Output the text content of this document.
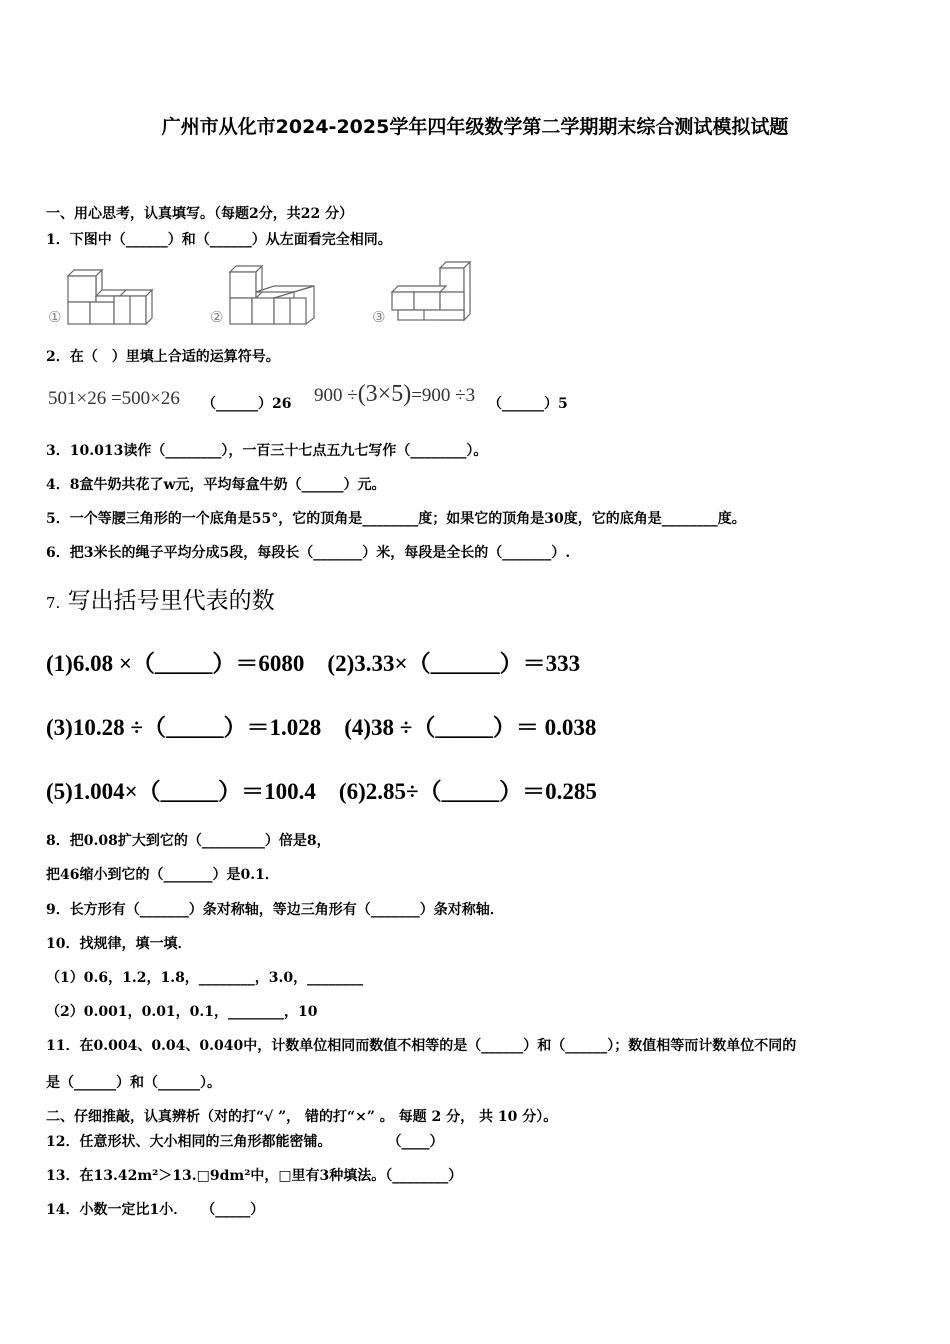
广州市从化市2024-2025学年四年级数学第二学期期末综合测试模拟试题
一、用心思考，认真填写。（每题2分，共22 分）
1．下图中（______）和（______）从左面看完全相同。
①	②	③
2．在（　）里填上合适的运算符号。
501×26 =500×26 （______）26 900 ÷(3×5)=900 ÷3 （______）5
3．10.013读作（________），一百三十七点五九七写作（________）。
4．8盒牛奶共花了w元，平均每盒牛奶（______）元。
5．一个等腰三角形的一个底角是55°，它的顶角是________度；如果它的顶角是30度，它的底角是________度。
6．把3米长的绳子平均分成5段，每段长（_______）米，每段是全长的（_______）.
7. 写出括号里代表的数
(1)6.08 ×（_____）＝6080　(2)3.33×（______）＝333
(3)10.28 ÷（_____）＝1.028　(4)38 ÷（_____）＝ 0.038
(5)1.004×（_____）＝100.4　(6)2.85÷（_____）＝0.285
8．把0.08扩大到它的（_________）倍是8，
把46缩小到它的（_______）是0.1．
9．长方形有（_______）条对称轴，等边三角形有（_______）条对称轴．
10．找规律，填一填．
（1）0.6，1.2，1.8，________，3.0，________
（2）0.001，0.01，0.1，________，10
11．在0.004、0.04、0.040中，计数单位相同而数值不相等的是（______）和（______）；数值相等而计数单位不同的
是（______）和（______）。
二、仔细推敲，认真辨析（对的打“√ ”， 错的打“×” 。 每题 2 分， 共 10 分）。
12．任意形状、大小相同的三角形都能密铺。　　　　　（____）
13．在13.42m²＞13.□9dm²中，□里有3种填法。（________）
14．小数一定比1小．　　（_____）
